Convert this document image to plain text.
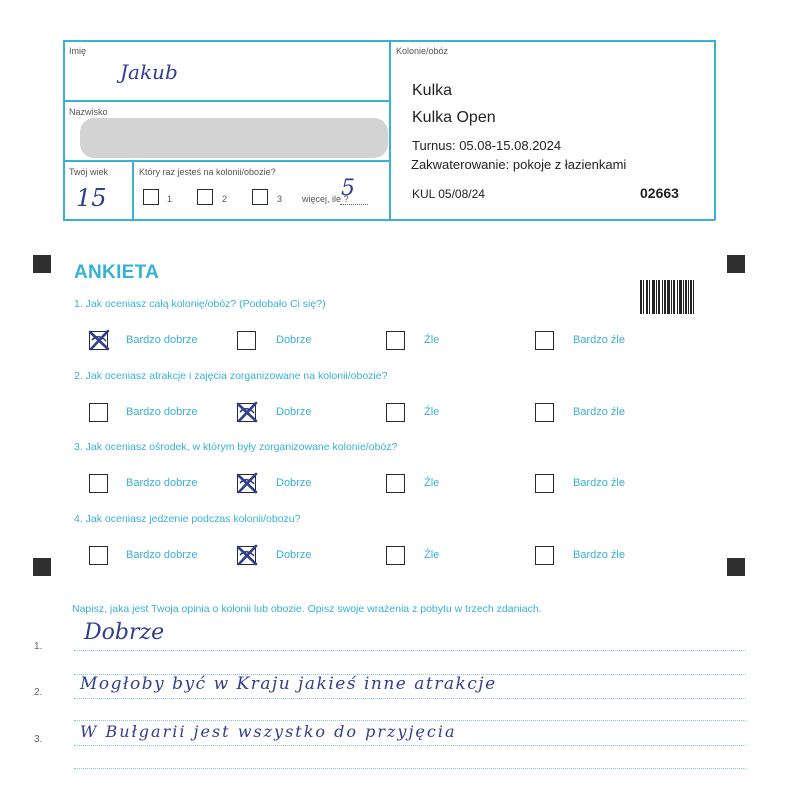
Imię
Jakub
Nazwisko
Twój wiek
15
Który raz jesteś na kolonii/obozie?
1	2	3 więcej, ile ?
5
Kolonie/obóz
Kulka
Kulka Open
Turnus: 05.08-15.08.2024
Zakwaterowanie: pokoje z łazienkami
KUL 05/08/24	02663
ANKIETA
1. Jak oceniasz całą kolonię/obóz? (Podobało Ci się?)
Bardzo dobrze	Dobrze	Źle	Bardzo źle
2. Jak oceniasz atrakcje i zajęcia zorganizowane na kolonii/obozie?
Bardzo dobrze	Dobrze	Źle	Bardzo źle
3. Jak oceniasz ośrodek, w którym były zorganizowane kolonie/obóz?
Bardzo dobrze	Dobrze	Źle	Bardzo źle
4. Jak oceniasz jedzenie podczas kolonii/obozu?
Bardzo dobrze	Dobrze	Źle	Bardzo źle
Napisz, jaka jest Twoja opinia o kolonii lub obozie. Opisz swoje wrażenia z pobytu w trzech zdaniach.
1.
2.
3.
Dobrze
Mogłoby być w Kraju jakieś inne atrakcje
W Bułgarii jest wszystko do przyjęcia
